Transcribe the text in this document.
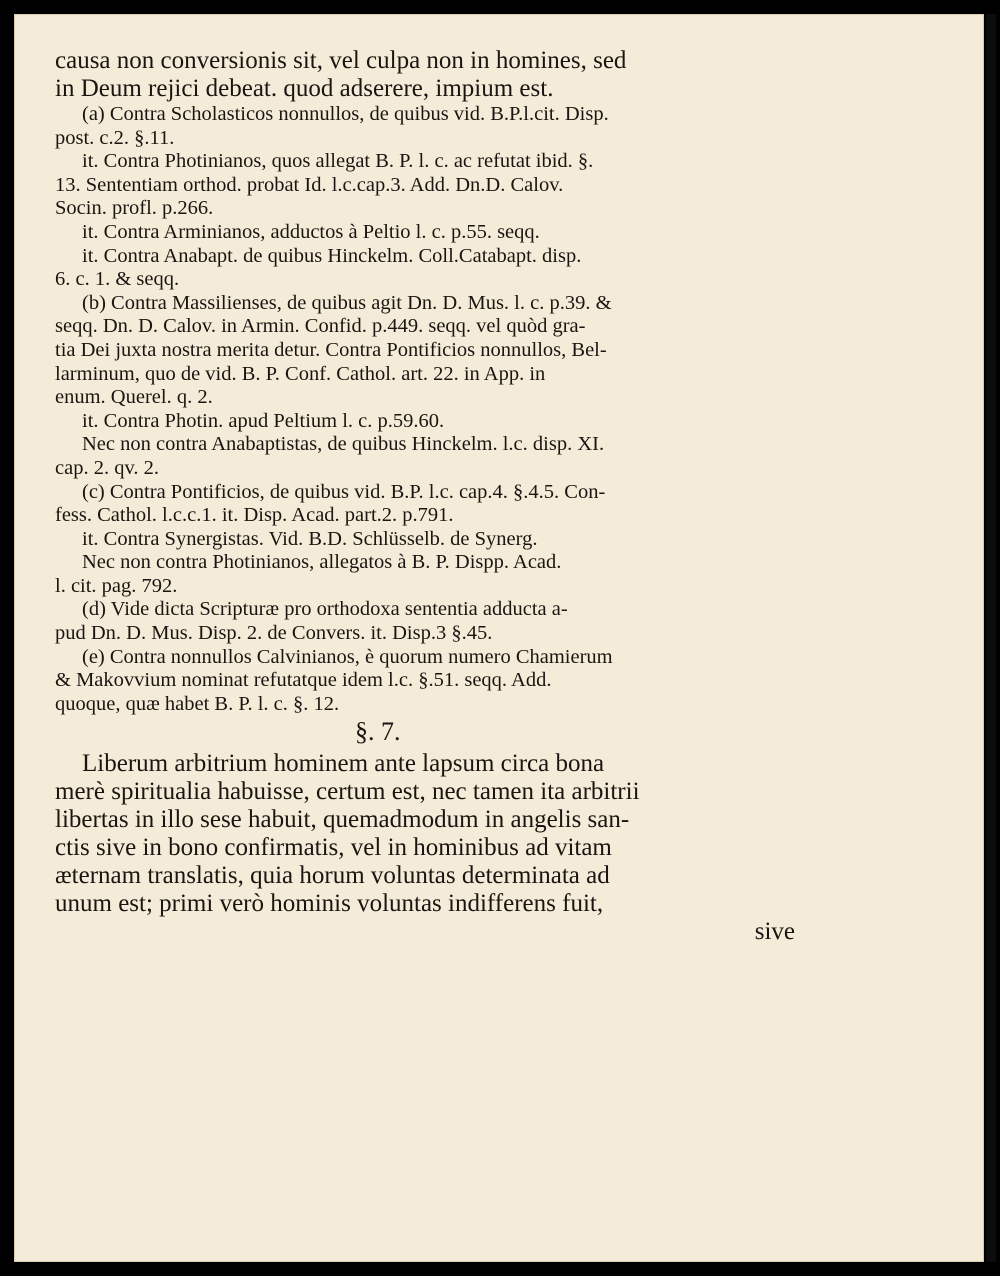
causa non conversionis sit, vel culpa non in homines, sed
in Deum rejici debeat. quod adserere, impium est.
(a) Contra Scholasticos nonnullos, de quibus vid. B.P.l.cit. Disp.
post. c.2. §.11.
it. Contra Photinianos, quos allegat B. P. l. c. ac refutat ibid. §.
13. Sententiam orthod. probat Id. l.c.cap.3. Add. Dn.D. Calov.
Socin. profl. p.266.
it. Contra Arminianos, adductos à Peltio l. c. p.55. seqq.
it. Contra Anabapt. de quibus Hinckelm. Coll.Catabapt. disp.
6. c. 1. & seqq.
(b) Contra Massilienses, de quibus agit Dn. D. Mus. l. c. p.39. &
seqq. Dn. D. Calov. in Armin. Confid. p.449. seqq. vel quòd gra-
tia Dei juxta nostra merita detur. Contra Pontificios nonnullos, Bel-
larminum, quo de vid. B. P. Conf. Cathol. art. 22. in App. in
enum. Querel. q. 2.
it. Contra Photin. apud Peltium l. c. p.59.60.
Nec non contra Anabaptistas, de quibus Hinckelm. l.c. disp. XI.
cap. 2. qv. 2.
(c) Contra Pontificios, de quibus vid. B.P. l.c. cap.4. §.4.5. Con-
fess. Cathol. l.c.c.1. it. Disp. Acad. part.2. p.791.
it. Contra Synergistas. Vid. B.D. Schlüsselb. de Synerg.
Nec non contra Photinianos, allegatos à B. P. Dispp. Acad.
l. cit. pag. 792.
(d) Vide dicta Scripturæ pro orthodoxa sententia adducta a-
pud Dn. D. Mus. Disp. 2. de Convers. it. Disp.3 §.45.
(e) Contra nonnullos Calvinianos, è quorum numero Chamierum
& Makovvium nominat refutatque idem l.c. §.51. seqq. Add.
quoque, quæ habet B. P. l. c. §. 12.
§. 7.
Liberum arbitrium hominem ante lapsum circa bona
merè spiritualia habuisse, certum est, nec tamen ita arbitrii
libertas in illo sese habuit, quemadmodum in angelis san-
ctis sive in bono confirmatis, vel in hominibus ad vitam
æternam translatis, quia horum voluntas determinata ad
unum est; primi verò hominis voluntas indifferens fuit,
sive
